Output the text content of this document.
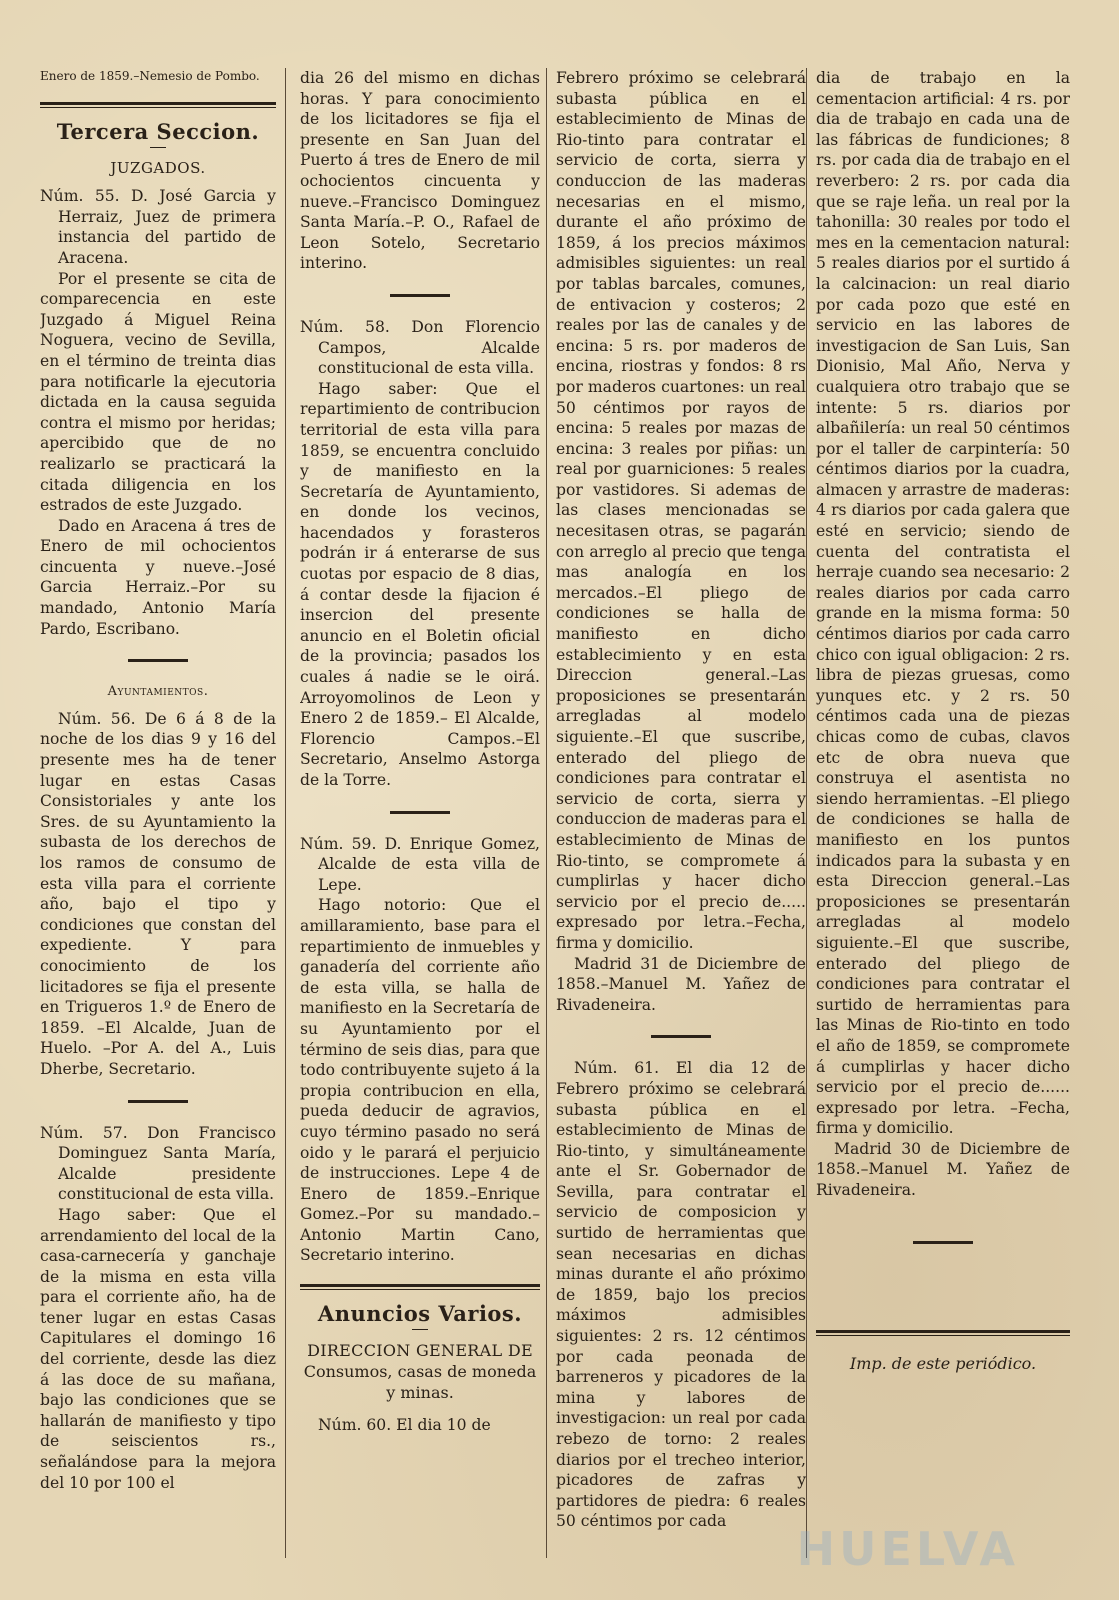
Enero de 1859.–Nemesio de Pombo.

Tercera Seccion.
JUZGADOS.

Núm. 55. D. José Garcia y Herraiz, Juez de primera instancia del partido de Aracena.

Por el presente se cita de comparecencia en este Juzgado á Miguel Reina Noguera, vecino de Sevilla, en el término de treinta dias para notificarle la ejecutoria dictada en la causa seguida contra el mismo por heridas; apercibido que de no realizarlo se practicará la citada diligencia en los estrados de este Juzgado.

Dado en Aracena á tres de Enero de mil ochocientos cincuenta y nueve.–José Garcia Herraiz.–Por su mandado, Antonio María Pardo, Escribano.

Ayuntamientos.

Núm. 56. De 6 á 8 de la noche de los dias 9 y 16 del presente mes ha de tener lugar en estas Casas Consistoriales y ante los Sres. de su Ayuntamiento la subasta de los derechos de los ramos de consumo de esta villa para el corriente año, bajo el tipo y condiciones que constan del expediente. Y para conocimiento de los licitadores se fija el presente en Trigueros 1.º de Enero de 1859. –El Alcalde, Juan de Huelo. –Por A. del A., Luis Dherbe, Secretario.

Núm. 57. Don Francisco Dominguez Santa María, Alcalde presidente constitucional de esta villa.

Hago saber: Que el arrendamiento del local de la casa-carnecería y ganchaje de la misma en esta villa para el corriente año, ha de tener lugar en estas Casas Capitulares el domingo 16 del corriente, desde las diez á las doce de su mañana, bajo las condiciones que se hallarán de manifiesto y tipo de seiscientos rs., señalándose para la mejora del 10 por 100 el

dia 26 del mismo en dichas horas. Y para conocimiento de los licitadores se fija el presente en San Juan del Puerto á tres de Enero de mil ochocientos cincuenta y nueve.–Francisco Dominguez Santa María.–P. O., Rafael de Leon Sotelo, Secretario interino.

Núm. 58. Don Florencio Campos, Alcalde constitucional de esta villa.

Hago saber: Que el repartimiento de contribucion territorial de esta villa para 1859, se encuentra concluido y de manifiesto en la Secretaría de Ayuntamiento, en donde los vecinos, hacendados y forasteros podrán ir á enterarse de sus cuotas por espacio de 8 dias, á contar desde la fijacion é insercion del presente anuncio en el Boletin oficial de la provincia; pasados los cuales á nadie se le oirá. Arroyomolinos de Leon y Enero 2 de 1859.– El Alcalde, Florencio Campos.–El Secretario, Anselmo Astorga de la Torre.

Núm. 59. D. Enrique Gomez, Alcalde de esta villa de Lepe.

Hago notorio: Que el amillaramiento, base para el repartimiento de inmuebles y ganadería del corriente año de esta villa, se halla de manifiesto en la Secretaría de su Ayuntamiento por el término de seis dias, para que todo contribuyente sujeto á la propia contribucion en ella, pueda deducir de agravios, cuyo término pasado no será oido y le parará el perjuicio de instrucciones. Lepe 4 de Enero de 1859.–Enrique Gomez.–Por su mandado.–Antonio Martin Cano, Secretario interino.

Anuncios Varios.
DIRECCION GENERAL DE
Consumos, casas de moneda y minas.

Núm. 60. El dia 10 de

Febrero próximo se celebrará subasta pública en el establecimiento de Minas de Rio-tinto para contratar el servicio de corta, sierra y conduccion de las maderas necesarias en el mismo, durante el año próximo de 1859, á los precios máximos admisibles siguientes: un real por tablas barcales, comunes, de entivacion y costeros; 2 reales por las de canales y de encina: 5 rs. por maderos de encina, riostras y fondos: 8 rs por maderos cuartones: un real 50 céntimos por rayos de encina: 5 reales por mazas de encina: 3 reales por piñas: un real por guarniciones: 5 reales por vastidores. Si ademas de las clases mencionadas se necesitasen otras, se pagarán con arreglo al precio que tenga mas analogía en los mercados.–El pliego de condiciones se halla de manifiesto en dicho establecimiento y en esta Direccion general.–Las proposiciones se presentarán arregladas al modelo siguiente.–El que suscribe, enterado del pliego de condiciones para contratar el servicio de corta, sierra y conduccion de maderas para el establecimiento de Minas de Rio-tinto, se compromete á cumplirlas y hacer dicho servicio por el precio de..... expresado por letra.–Fecha, firma y domicilio.

Madrid 31 de Diciembre de 1858.–Manuel M. Yañez de Rivadeneira.

Núm. 61. El dia 12 de Febrero próximo se celebrará subasta pública en el establecimiento de Minas de Rio-tinto, y simultáneamente ante el Sr. Gobernador de Sevilla, para contratar el servicio de composicion y surtido de herramientas que sean necesarias en dichas minas durante el año próximo de 1859, bajo los precios máximos admisibles siguientes: 2 rs. 12 céntimos por cada peonada de barreneros y picadores de la mina y labores de investigacion: un real por cada rebezo de torno: 2 reales diarios por el trecheo interior, picadores de zafras y partidores de piedra: 6 reales 50 céntimos por cada

dia de trabajo en la cementacion artificial: 4 rs. por dia de trabajo en cada una de las fábricas de fundiciones; 8 rs. por cada dia de trabajo en el reverbero: 2 rs. por cada dia que se raje leña. un real por la tahonilla: 30 reales por todo el mes en la cementacion natural: 5 reales diarios por el surtido á la calcinacion: un real diario por cada pozo que esté en servicio en las labores de investigacion de San Luis, San Dionisio, Mal Año, Nerva y cualquiera otro trabajo que se intente: 5 rs. diarios por albañilería: un real 50 céntimos por el taller de carpintería: 50 céntimos diarios por la cuadra, almacen y arrastre de maderas: 4 rs diarios por cada galera que esté en servicio; siendo de cuenta del contratista el herraje cuando sea necesario: 2 reales diarios por cada carro grande en la misma forma: 50 céntimos diarios por cada carro chico con igual obligacion: 2 rs. libra de piezas gruesas, como yunques etc. y 2 rs. 50 céntimos cada una de piezas chicas como de cubas, clavos etc de obra nueva que construya el asentista no siendo herramientas. –El pliego de condiciones se halla de manifiesto en los puntos indicados para la subasta y en esta Direccion general.–Las proposiciones se presentarán arregladas al modelo siguiente.–El que suscribe, enterado del pliego de condiciones para contratar el surtido de herramientas para las Minas de Rio-tinto en todo el año de 1859, se compromete á cumplirlas y hacer dicho servicio por el precio de...... expresado por letra. –Fecha, firma y domicilio.

Madrid 30 de Diciembre de 1858.–Manuel M. Yañez de Rivadeneira.

Imp. de este periódico.
HUELVA
